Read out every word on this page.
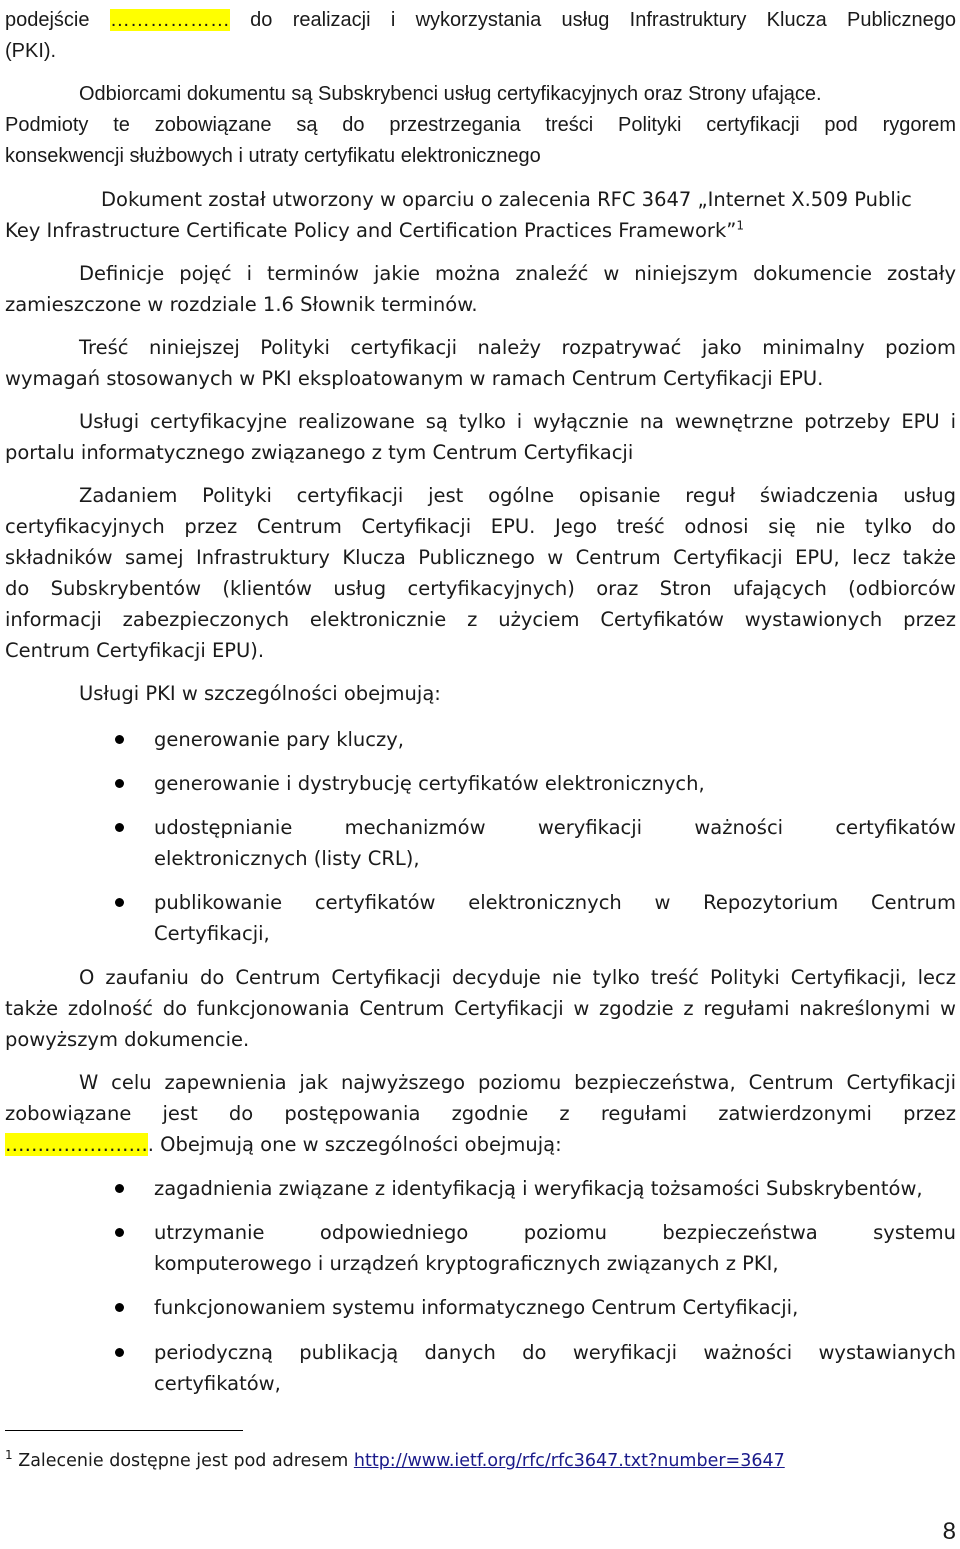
podejście ……………… do realizacji i wykorzystania usług Infrastruktury Klucza Publicznego
(PKI).
Odbiorcami dokumentu są Subskrybenci usług certyfikacyjnych oraz Strony ufające.
Podmioty te zobowiązane są do przestrzegania treści Polityki certyfikacji pod rygorem
konsekwencji służbowych i utraty certyfikatu elektronicznego
Dokument został utworzony w oparciu o zalecenia RFC 3647 „Internet X.509 Public
Key Infrastructure Certificate Policy and Certification Practices Framework”$^1$
Definicje pojęć i terminów jakie można znaleźć w niniejszym dokumencie zostały
zamieszczone w rozdziale 1.6 Słownik terminów.
Treść niniejszej Polityki certyfikacji należy rozpatrywać jako minimalny poziom
wymagań stosowanych w PKI eksploatowanym w ramach Centrum Certyfikacji EPU.
Usługi certyfikacyjne realizowane są tylko i wyłącznie na wewnętrzne potrzeby EPU i
portalu informatycznego związanego z tym Centrum Certyfikacji
Zadaniem Polityki certyfikacji jest ogólne opisanie reguł świadczenia usług
certyfikacyjnych przez Centrum Certyfikacji EPU. Jego treść odnosi się nie tylko do
składników samej Infrastruktury Klucza Publicznego w Centrum Certyfikacji EPU, lecz także
do Subskrybentów (klientów usług certyfikacyjnych) oraz Stron ufających (odbiorców
informacji zabezpieczonych elektronicznie z użyciem Certyfikatów wystawionych przez
Centrum Certyfikacji EPU).
Usługi PKI w szczególności obejmują:
generowanie pary kluczy,
generowanie i dystrybucję certyfikatów elektronicznych,
udostępnianie mechanizmów weryfikacji ważności certyfikatów
elektronicznych (listy CRL),
publikowanie certyfikatów elektronicznych w Repozytorium Centrum
Certyfikacji,
O zaufaniu do Centrum Certyfikacji decyduje nie tylko treść Polityki Certyfikacji, lecz
także zdolność do funkcjonowania Centrum Certyfikacji w zgodzie z regułami nakreślonymi w
powyższym dokumencie.
W celu zapewnienia jak najwyższego poziomu bezpieczeństwa, Centrum Certyfikacji
zobowiązane jest do postępowania zgodnie z regułami zatwierdzonymi przez
………………….. Obejmują one w szczególności obejmują:
zagadnienia związane z identyfikacją i weryfikacją tożsamości Subskrybentów,
utrzymanie odpowiedniego poziomu bezpieczeństwa systemu
komputerowego i urządzeń kryptograficznych związanych z PKI,
funkcjonowaniem systemu informatycznego Centrum Certyfikacji,
periodyczną publikacją danych do weryfikacji ważności wystawianych
certyfikatów,
$^1$ Zalecenie dostępne jest pod adresem http://www.ietf.org/rfc/rfc3647.txt?number=3647
8
